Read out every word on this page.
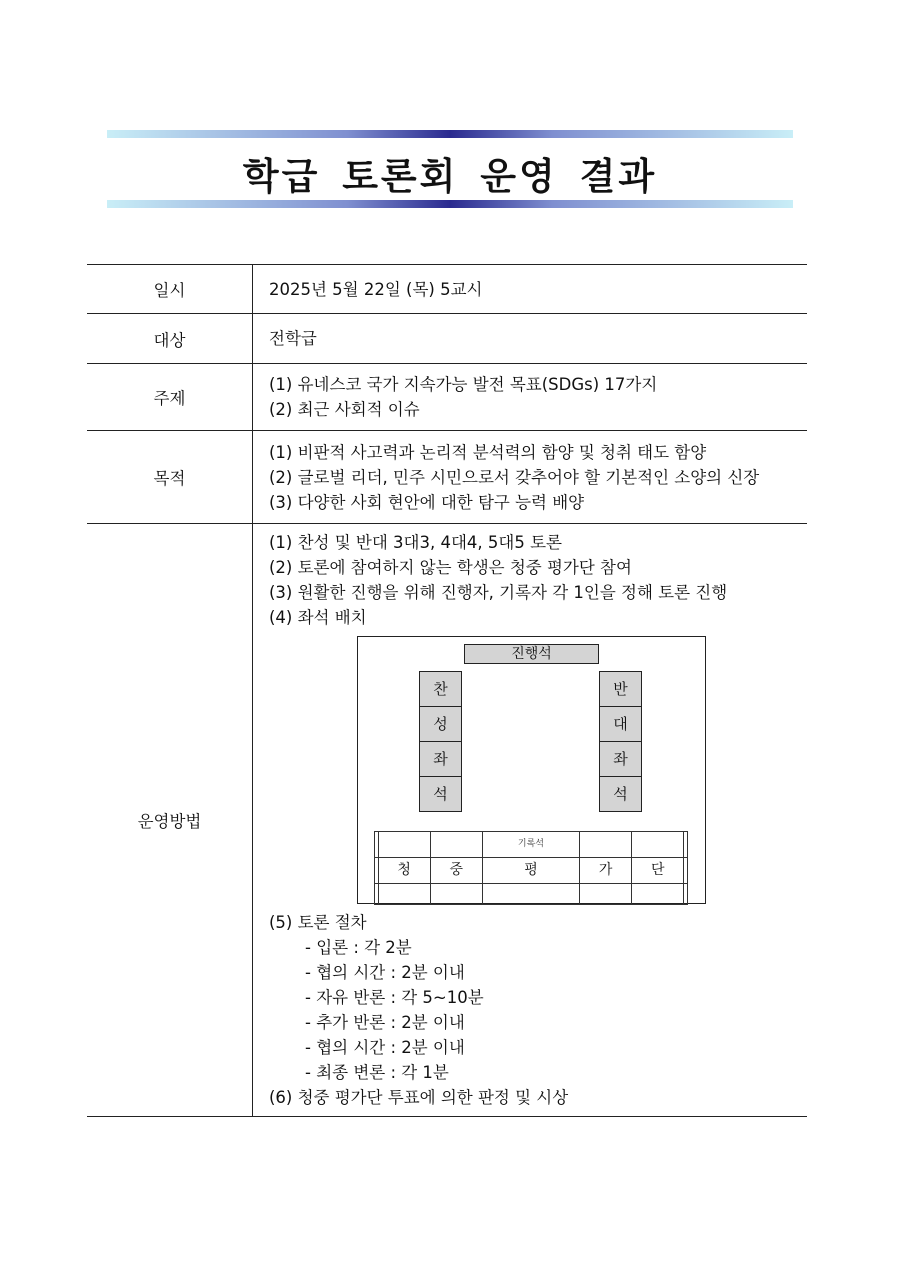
학급 토론회 운영 결과
일시	2025년 5월 22일 (목) 5교시
대상	전학급
주제	
(1) 유네스코 국가 지속가능 발전 목표(SDGs) 17가지
(2) 최근 사회적 이슈

목적	
(1) 비판적 사고력과 논리적 분석력의 함양 및 청취 태도 함양
(2) 글로벌 리더, 민주 시민으로서 갖추어야 할 기본적인 소양의 신장
(3) 다양한 사회 현안에 대한 탐구 능력 배양

운영방법	
(1) 찬성 및 반대 3대3, 4대4, 5대5 토론
(2) 토론에 참여하지 않는 학생은 청중 평가단 참여
(3) 원활한 진행을 위해 진행자, 기록자 각 1인을 정해 토론 진행
(4) 좌석 배치
진행석
찬
성
좌
석
반
대
좌
석
			기록석			
	청	중	평	가	단	

(5) 토론 절차
- 입론 : 각 2분
- 협의 시간 : 2분 이내
- 자유 반론 : 각 5~10분
- 추가 반론 : 2분 이내
- 협의 시간 : 2분 이내
- 최종 변론 : 각 1분
(6) 청중 평가단 투표에 의한 판정 및 시상
